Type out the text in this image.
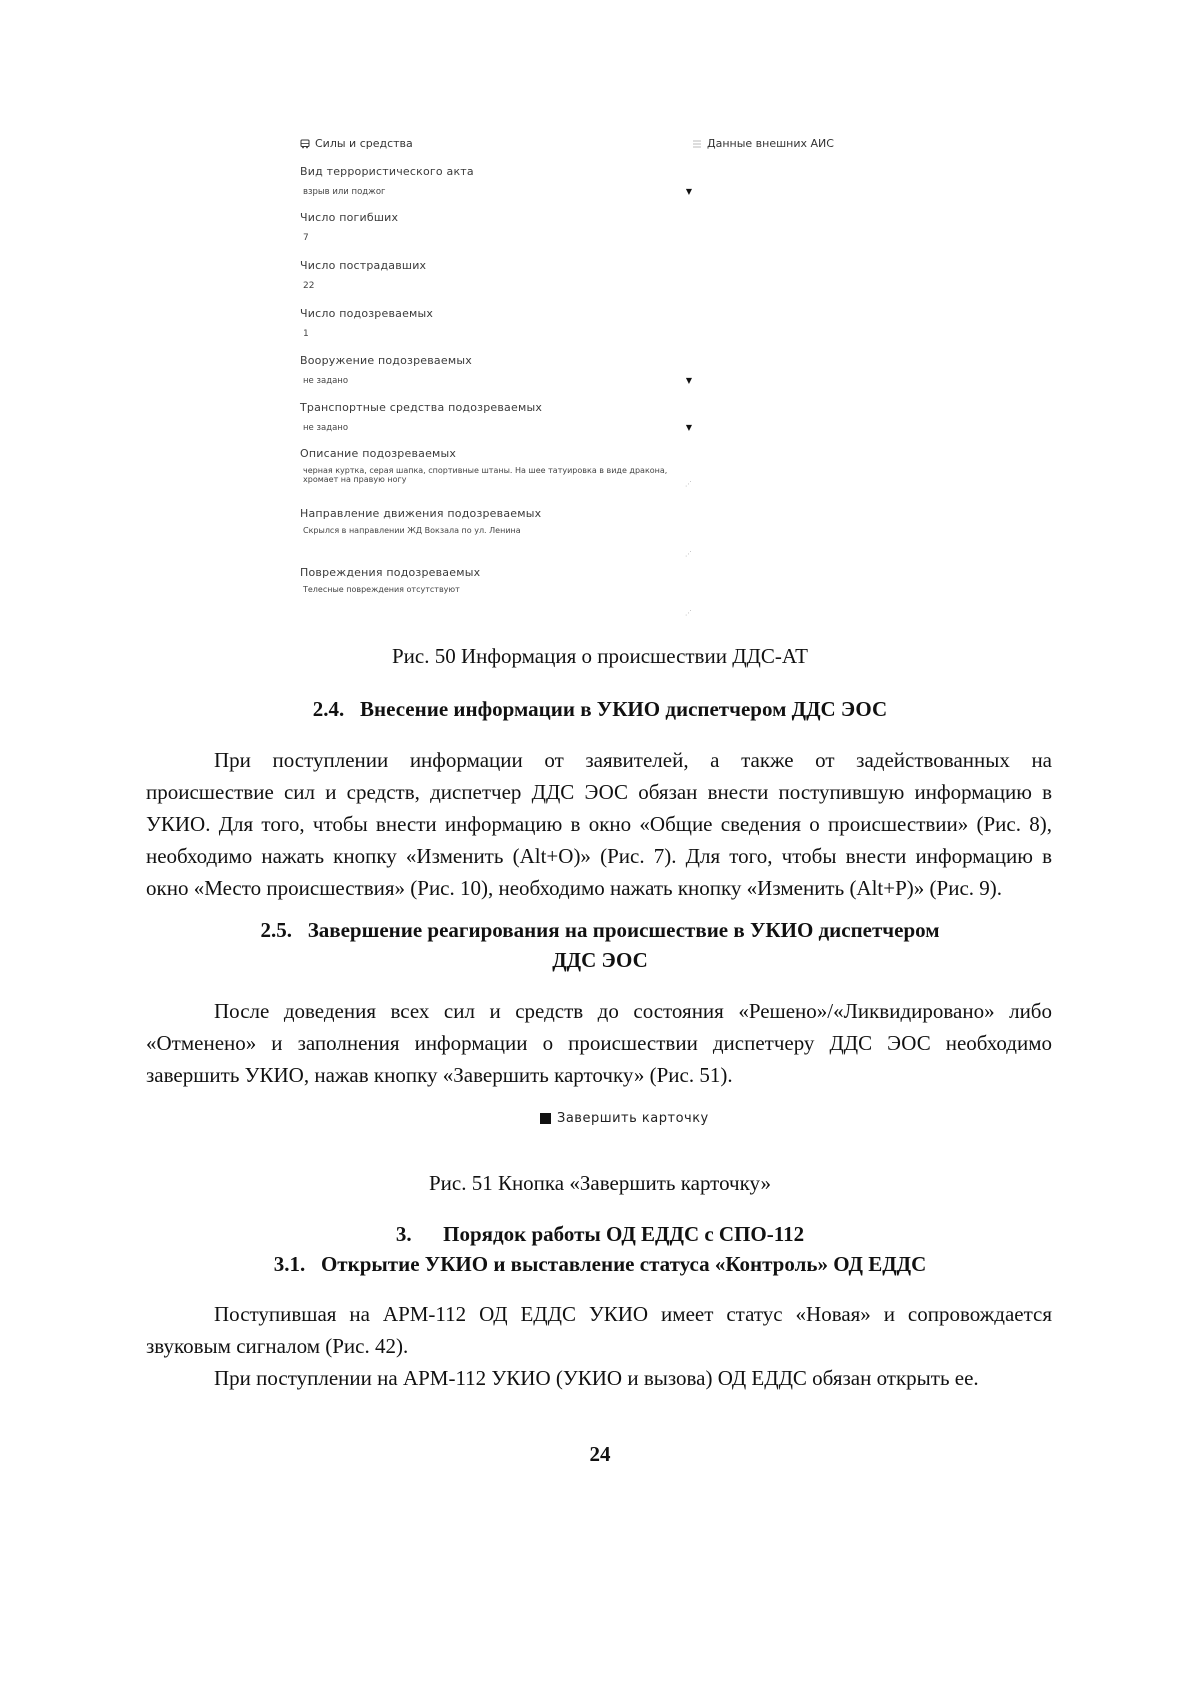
Силы и средства	Данные внешних АИС
Вид террористического акта
взрыв или поджог	▼
Число погибших
7
Число пострадавших
22
Число подозреваемых
1
Вооружение подозреваемых
не задано	▼
Транспортные средства подозреваемых
не задано	▼
Описание подозреваемых
черная куртка, серая шапка, спортивные штаны. На шее татуировка в виде дракона, хромает на правую ногу	⋰
Направление движения подозреваемых
Скрылся в направлении ЖД Вокзала по ул. Ленина
⋰
Повреждения подозреваемых
Телесные повреждения отсутствуют
⋰
Рис. 50 Информация о происшествии ДДС-АТ
2.4.   Внесение информации в УКИО диспетчером ДДС ЭОС
При поступлении информации от заявителей, а также от задействованных на
происшествие сил и средств, диспетчер ДДС ЭОС обязан внести поступившую информацию в
УКИО. Для того, чтобы внести информацию в окно «Общие сведения о происшествии» (Рис. 8),
необходимо нажать кнопку «Изменить (Alt+O)» (Рис. 7). Для того, чтобы внести информацию в
окно «Место происшествия» (Рис. 10), необходимо нажать кнопку «Изменить (Alt+P)» (Рис. 9).
2.5.   Завершение реагирования на происшествие в УКИО диспетчером
ДДС ЭОС
После доведения всех сил и средств до состояния «Решено»/«Ликвидировано» либо
«Отменено» и заполнения информации о происшествии диспетчеру ДДС ЭОС необходимо
завершить УКИО, нажав кнопку «Завершить карточку» (Рис. 51).
Завершить карточку
Рис. 51 Кнопка «Завершить карточку»
3.      Порядок работы ОД ЕДДС с СПО-112
3.1.   Открытие УКИО и выставление статуса «Контроль» ОД ЕДДС
Поступившая на АРМ-112 ОД ЕДДС УКИО имеет статус «Новая» и сопровождается
звуковым сигналом (Рис. 42).
При поступлении на АРМ-112 УКИО (УКИО и вызова) ОД ЕДДС обязан открыть ее.
24
